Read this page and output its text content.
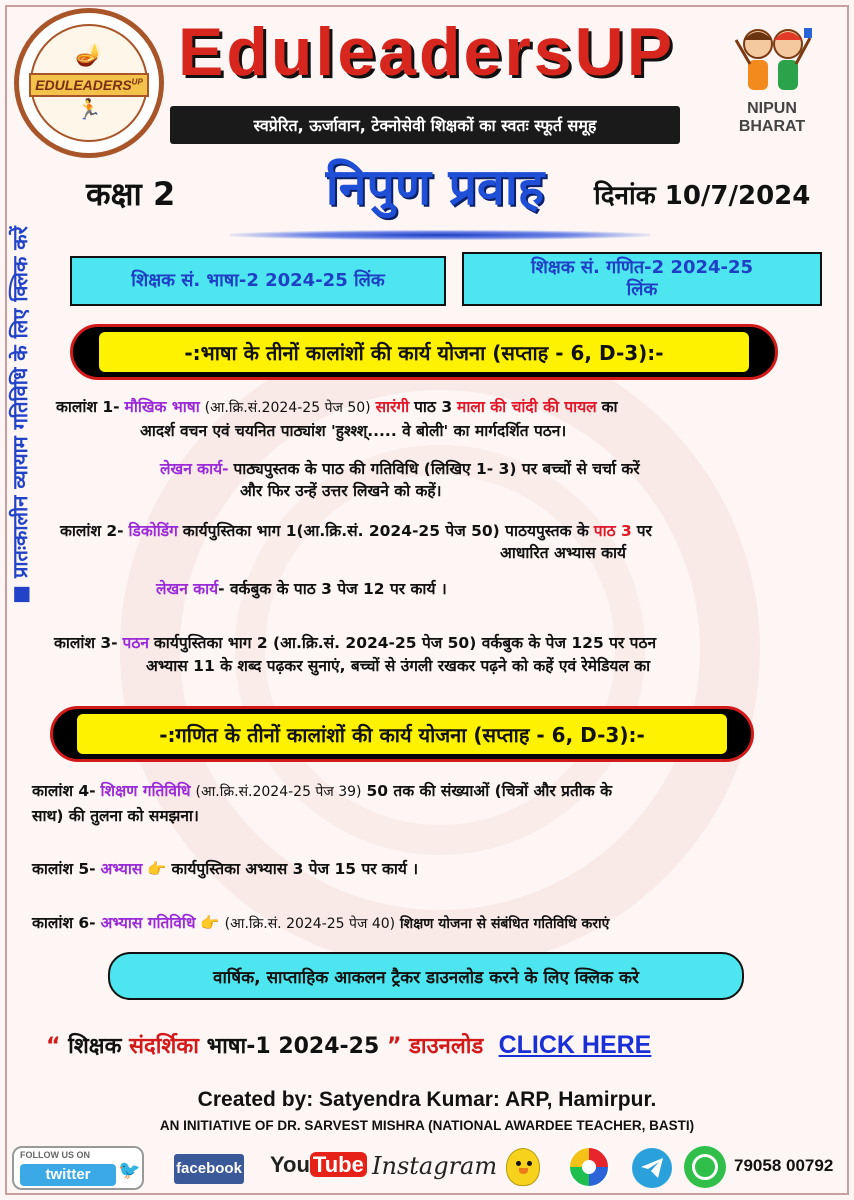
🪔
$EDULEADERS^{UP}$
🏃
EduleadersUP
स्वप्रेरित, ऊर्जावान, टेक्नोसेवी शिक्षकों का स्वतः स्फूर्त समूह
NIPUN
BHARAT
कक्षा 2	निपुण प्रवाह	दिनांक 10/7/2024
■ प्रातःकालीन व्यायाम गतिविधि के लिए क्लिक करें	शिक्षक सं. भाषा-2 2024-25 लिंक
शिक्षक सं. गणित-2 2024-25
लिंक
-:भाषा के तीनों कालांशों की कार्य योजना (सप्ताह - 6, D-3):-
कालांश 1- मौखिक भाषा (आ.क्रि.सं.2024-25 पेज 50) सारंगी पाठ 3 माला की चांदी की पायल का
आदर्श वचन एवं चयनित पाठ्यांश 'हुश्श्श्..... वे बोली' का मार्गदर्शित पठन।
लेखन कार्य- पाठ्यपुस्तक के पाठ की गतिविधि (लिखिए 1- 3) पर बच्चों से चर्चा करें
और फिर उन्हें उत्तर लिखने को कहें।
कालांश 2- डिकोडिंग कार्यपुस्तिका भाग 1(आ.क्रि.सं. 2024-25 पेज 50) पाठयपुस्तक के पाठ 3 पर
आधारित अभ्यास कार्य
लेखन कार्य- वर्कबुक के पाठ 3 पेज 12 पर कार्य ।
कालांश 3- पठन कार्यपुस्तिका भाग 2 (आ.क्रि.सं. 2024-25 पेज 50) वर्कबुक के पेज 125 पर पठन
अभ्यास 11 के शब्द पढ़कर सुनाएं, बच्चों से उंगली रखकर पढ़ने को कहें एवं रेमेडियल का
-:गणित के तीनों कालांशों की कार्य योजना (सप्ताह - 6, D-3):-
कालांश 4- शिक्षण गतिविधि (आ.क्रि.सं.2024-25 पेज 39) 50 तक की संख्याओं (चित्रों और प्रतीक के
साथ) की तुलना को समझना।
कालांश 5- अभ्यास 👉 कार्यपुस्तिका अभ्यास 3 पेज 15 पर कार्य ।
कालांश 6- अभ्यास गतिविधि 👉 (आ.क्रि.सं. 2024-25 पेज 40) शिक्षण योजना से संबंधित गतिविधि कराएं
वार्षिक, साप्ताहिक आकलन ट्रैकर डाउनलोड करने के लिए क्लिक करे
“ शिक्षक संदर्शिका भाषा-1 2024-25 ” डाउनलोड CLICK HERE
Created by: Satyendra Kumar: ARP, Hamirpur.
AN INITIATIVE OF DR. SARVEST MISHRA (NATIONAL AWARDEE TEACHER, BASTI)
FOLLOW US ON
twitter	🐦 facebook You Tube Instagram	79058 00792
